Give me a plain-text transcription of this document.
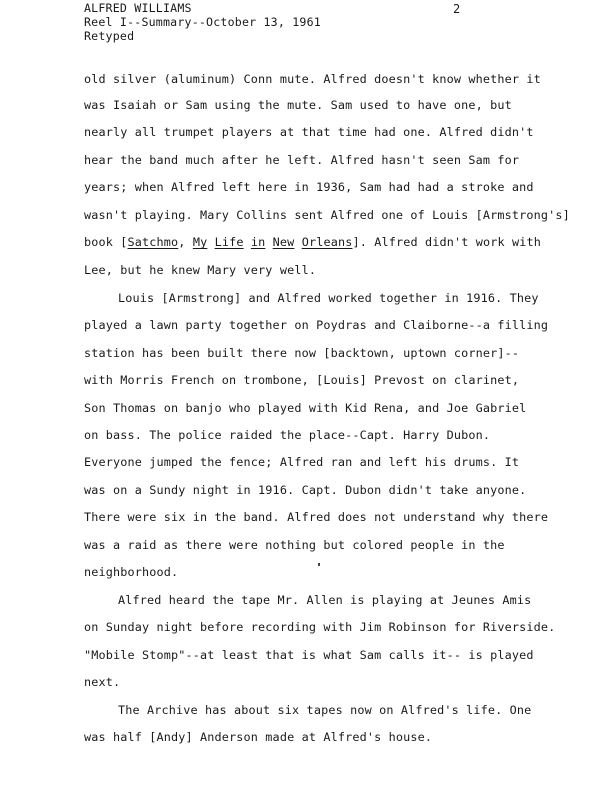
ALFRED WILLIAMS
Reel I--Summary--October 13, 1961
Retyped
2
old silver (aluminum) Conn mute. Alfred doesn't know whether it
was Isaiah or Sam using the mute. Sam used to have one, but
nearly all trumpet players at that time had one. Alfred didn't
hear the band much after he left. Alfred hasn't seen Sam for
years; when Alfred left here in 1936, Sam had had a stroke and
wasn't playing. Mary Collins sent Alfred one of Louis [Armstrong's]
book [Satchmo, My Life in New Orleans]. Alfred didn't work with
Lee, but he knew Mary very well.
Louis [Armstrong] and Alfred worked together in 1916. They
played a lawn party together on Poydras and Claiborne--a filling
station has been built there now [backtown, uptown corner]--
with Morris French on trombone, [Louis] Prevost on clarinet,
Son Thomas on banjo who played with Kid Rena, and Joe Gabriel
on bass. The police raided the place--Capt. Harry Dubon.
Everyone jumped the fence; Alfred ran and left his drums. It
was on a Sundy night in 1916. Capt. Dubon didn't take anyone.
There were six in the band. Alfred does not understand why there
was a raid as there were nothing but colored people in the
neighborhood.
Alfred heard the tape Mr. Allen is playing at Jeunes Amis
on Sunday night before recording with Jim Robinson for Riverside.
"Mobile Stomp"--at least that is what Sam calls it-- is played
next.
The Archive has about six tapes now on Alfred's life. One
was half [Andy] Anderson made at Alfred's house.
